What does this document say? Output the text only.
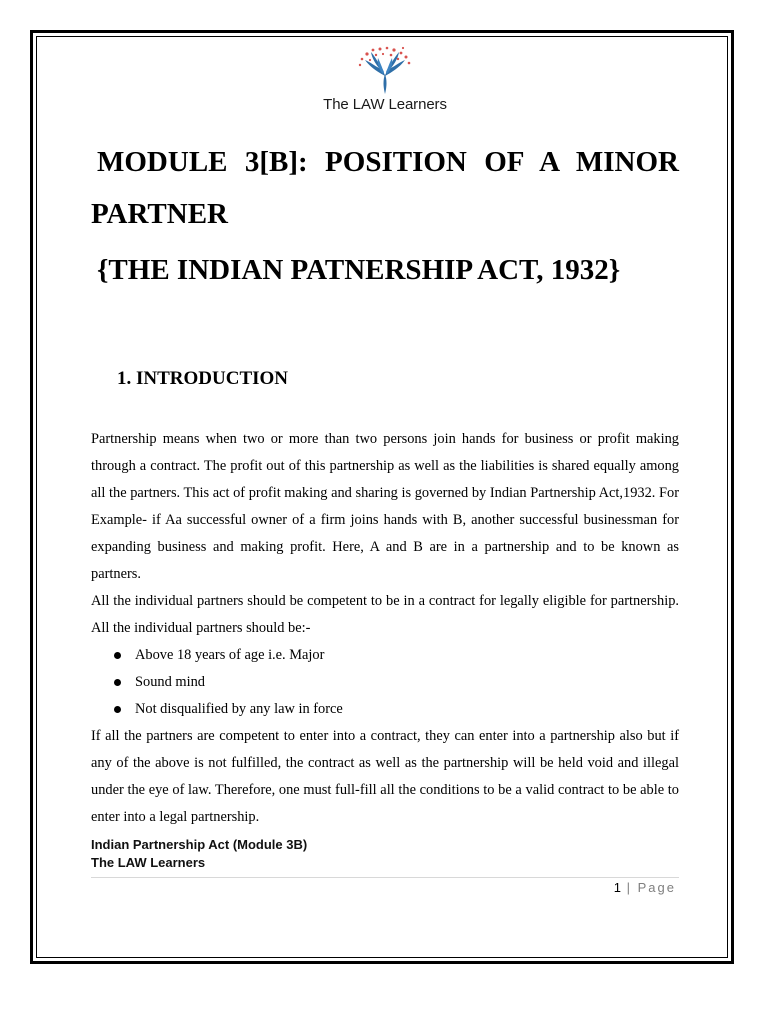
The LAW Learners
MODULE 3[B]: POSITION OF A MINOR
PARTNER
{THE INDIAN PATNERSHIP ACT, 1932}
1. INTRODUCTION

Partnership means when two or more than two persons join hands for business or profit making through a contract. The profit out of this partnership as well as the liabilities is shared equally among all the partners. This act of profit making and sharing is governed by Indian Partnership Act,1932. For Example- if Aa successful owner of a firm joins hands with B, another successful businessman for expanding business and making profit. Here, A and B are in a partnership and to be known as partners.

All the individual partners should be competent to be in a contract for legally eligible for partnership. All the individual partners should be:-

Above 18 years of age i.e. Major
Sound mind
Not disqualified by any law in force

If all the partners are competent to enter into a contract, they can enter into a partnership also but if any of the above is not fulfilled, the contract as well as the partnership will be held void and illegal under the eye of law. Therefore, one must full-fill all the conditions to be a valid contract to be able to enter into a legal partnership.

Indian Partnership Act (Module 3B)
The LAW Learners
1 | Page
